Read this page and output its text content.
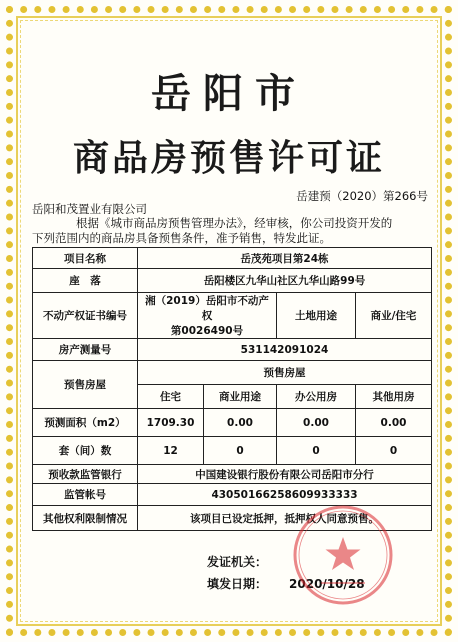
岳阳市
商品房预售许可证
岳建预（2020）第266号
岳阳和茂置业有限公司
根据《城市商品房预售管理办法》，经审核，你公司投资开发的
下列范围内的商品房具备预售条件，准予销售，特发此证。
项目名称	岳茂苑项目第24栋			
座　落	岳阳楼区九华山社区九华山路99号			
不动产权证书编号	湘（2019）岳阳市不动产权
第0026490号		土地用途	商业/住宅
房产测量号	531142091024			
预售房屋	预售房屋			
	住宅	商业用途	办公用房	其他用房
预测面积（m2）	1709.30	0.00	0.00	0.00
套（间）数	12	0	0	0
预收款监管银行	中国建设银行股份有限公司岳阳市分行			
监管帐号	43050166258609933333			
其他权利限制情况	该项目已设定抵押，抵押权人同意预售。			
发证机关：
填发日期： 2020/10/28
